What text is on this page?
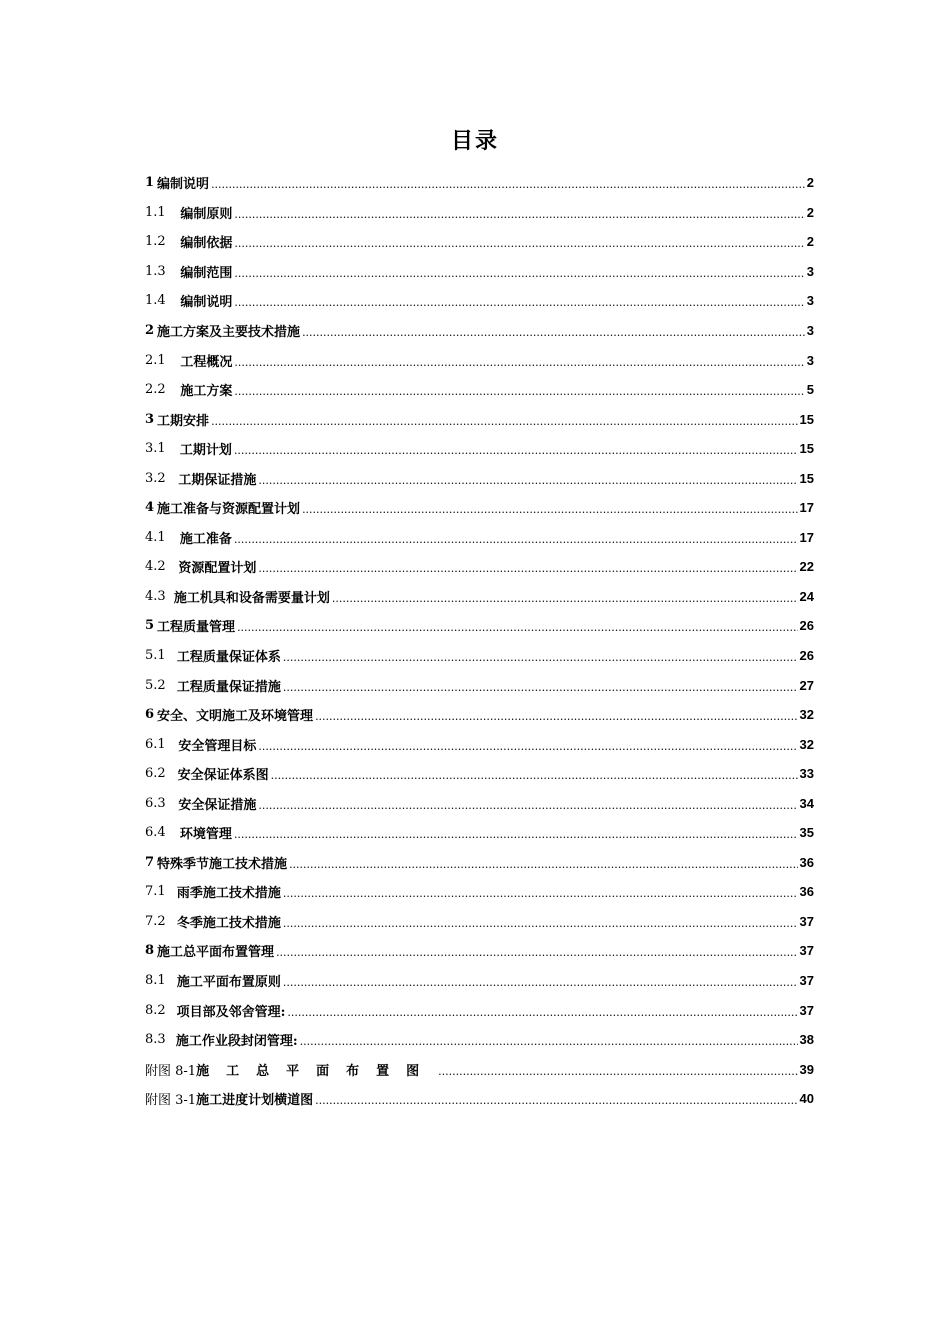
目录
1 编制说明 .....	2
1.1	编制原则 .....	2
1.2	编制依据 .....	2
1.3	编制范围 .....	3
1.4	编制说明 .....	3
2 施工方案及主要技术措施 .....	3
2.1	工程概况 .....	3
2.2	施工方案 .....	5
3 工期安排 .....	15
3.1	工期计划 .....	15
3.2 工期保证措施 .....	15
4 施工准备与资源配置计划 .....	17
4.1	施工准备 .....	17
4.2 资源配置计划 .....	22
4.3 施工机具和设备需要量计划 .....	24
5 工程质量管理 .....	26
5.1 工程质量保证体系 .....	26
5.2 工程质量保证措施 .....	27
6 安全、文明施工及环境管理 .....	32
6.1 安全管理目标 .....	32
6.2 安全保证体系图 .....	33
6.3 安全保证措施 .....	34
6.4	环境管理 .....	35
7 特殊季节施工技术措施 .....	36
7.1 雨季施工技术措施 .....	36
7.2 冬季施工技术措施 .....	37
8 施工总平面布置管理 .....	37
8.1 施工平面布置原则 .....	37
8.2 项目部及邻舍管理: .....	37
8.3 施工作业段封闭管理: .....	38
附图 8-1 施工总平面布置图 .....	39
附图 3-1 施工进度计划横道图 .....	40
